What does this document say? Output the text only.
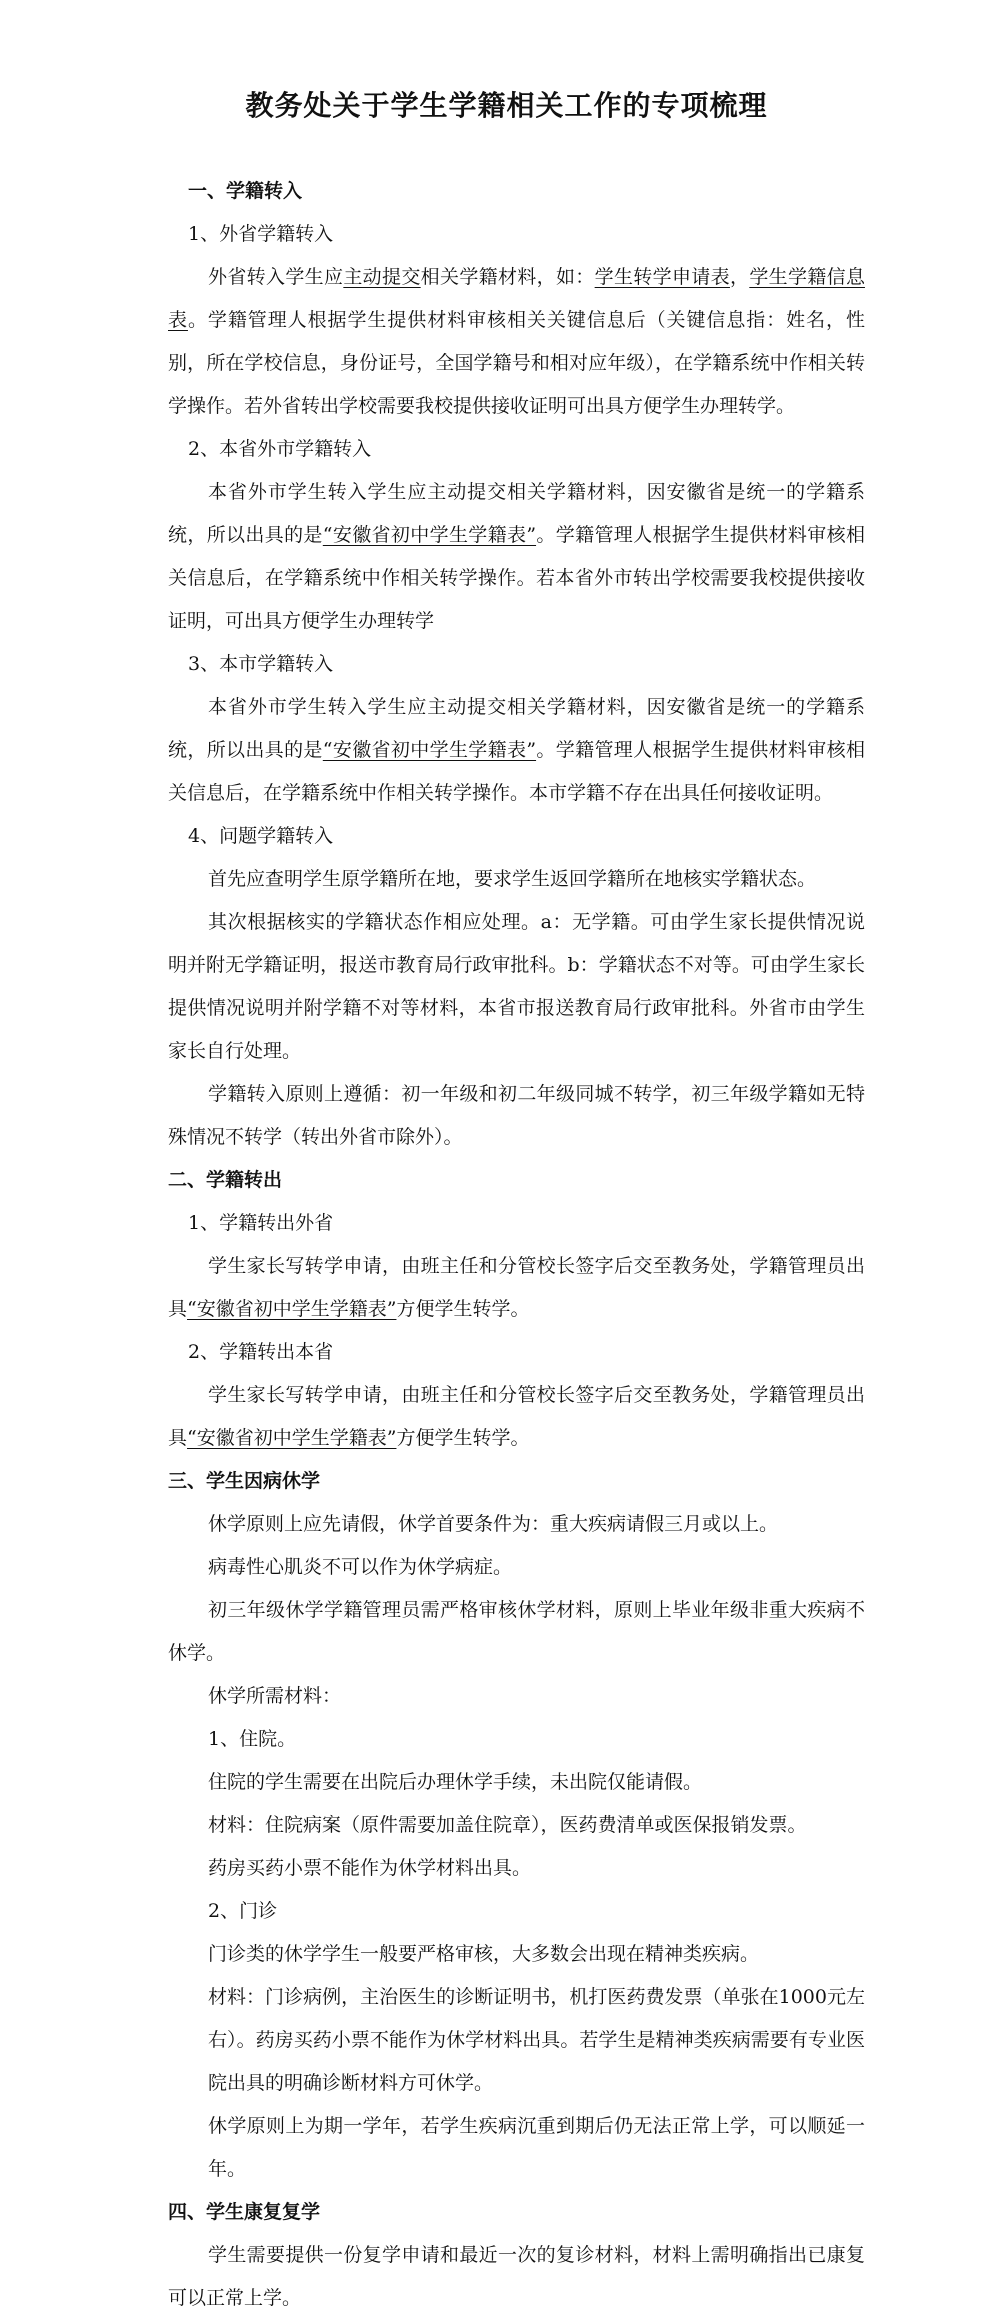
教务处关于学生学籍相关工作的专项梳理
一、学籍转入
1、外省学籍转入

外省转入学生应主动提交相关学籍材料，如：学生转学申请表，学生学籍信息表。学籍管理人根据学生提供材料审核相关关键信息后（关键信息指：姓名，性别，所在学校信息，身份证号，全国学籍号和相对应年级），在学籍系统中作相关转学操作。若外省转出学校需要我校提供接收证明可出具方便学生办理转学。

2、本省外市学籍转入

本省外市学生转入学生应主动提交相关学籍材料，因安徽省是统一的学籍系统，所以出具的是“安徽省初中学生学籍表”。学籍管理人根据学生提供材料审核相关信息后，在学籍系统中作相关转学操作。若本省外市转出学校需要我校提供接收证明，可出具方便学生办理转学

3、本市学籍转入

本省外市学生转入学生应主动提交相关学籍材料，因安徽省是统一的学籍系统，所以出具的是“安徽省初中学生学籍表”。学籍管理人根据学生提供材料审核相关信息后，在学籍系统中作相关转学操作。本市学籍不存在出具任何接收证明。

4、问题学籍转入

首先应查明学生原学籍所在地，要求学生返回学籍所在地核实学籍状态。

其次根据核实的学籍状态作相应处理。a：无学籍。可由学生家长提供情况说明并附无学籍证明，报送市教育局行政审批科。b：学籍状态不对等。可由学生家长提供情况说明并附学籍不对等材料，本省市报送教育局行政审批科。外省市由学生家长自行处理。

学籍转入原则上遵循：初一年级和初二年级同城不转学，初三年级学籍如无特殊情况不转学（转出外省市除外）。

二、学籍转出
1、学籍转出外省

学生家长写转学申请，由班主任和分管校长签字后交至教务处，学籍管理员出具“安徽省初中学生学籍表”方便学生转学。

2、学籍转出本省

学生家长写转学申请，由班主任和分管校长签字后交至教务处，学籍管理员出具“安徽省初中学生学籍表”方便学生转学。

三、学生因病休学

休学原则上应先请假，休学首要条件为：重大疾病请假三月或以上。

病毒性心肌炎不可以作为休学病症。

初三年级休学学籍管理员需严格审核休学材料，原则上毕业年级非重大疾病不休学。

休学所需材料：

1、住院。

住院的学生需要在出院后办理休学手续，未出院仅能请假。

材料：住院病案（原件需要加盖住院章），医药费清单或医保报销发票。

药房买药小票不能作为休学材料出具。

2、门诊

门诊类的休学学生一般要严格审核，大多数会出现在精神类疾病。

材料：门诊病例，主治医生的诊断证明书，机打医药费发票（单张在1000元左右）。药房买药小票不能作为休学材料出具。若学生是精神类疾病需要有专业医院出具的明确诊断材料方可休学。

休学原则上为期一学年，若学生疾病沉重到期后仍无法正常上学，可以顺延一年。

四、学生康复复学

学生需要提供一份复学申请和最近一次的复诊材料，材料上需明确指出已康复可以正常上学。
